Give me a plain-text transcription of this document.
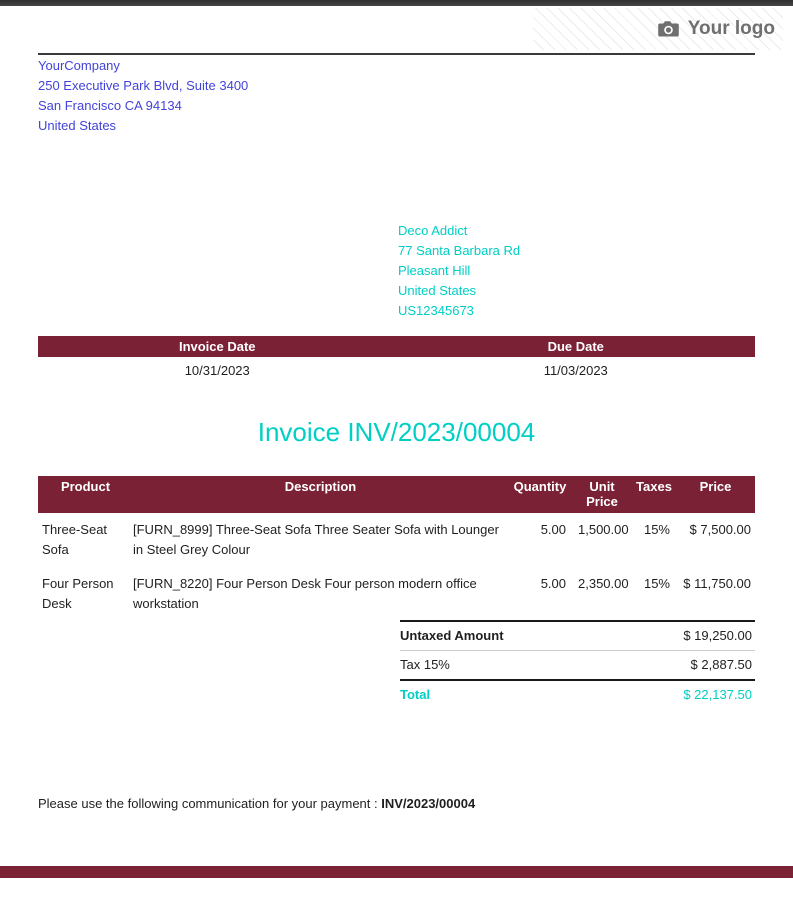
Your logo
YourCompany
250 Executive Park Blvd, Suite 3400
San Francisco CA 94134
United States
Deco Addict
77 Santa Barbara Rd
Pleasant Hill
United States
US12345673
Invoice Date	Due Date
10/31/2023	11/03/2023
Invoice INV/2023/00004
Product	Description	Quantity	Unit Price	Taxes	Price
Three-Seat Sofa	[FURN_8999] Three-Seat Sofa Three Seater Sofa with Lounger in Steel Grey Colour	5.00	1,500.00	15%	$ 7,500.00
Four Person Desk	[FURN_8220] Four Person Desk Four person modern office workstation	5.00	2,350.00	15%	$ 11,750.00
Untaxed Amount	$ 19,250.00
Tax 15%	$ 2,887.50
Total	$ 22,137.50
Please use the following communication for your payment : INV/2023/00004
